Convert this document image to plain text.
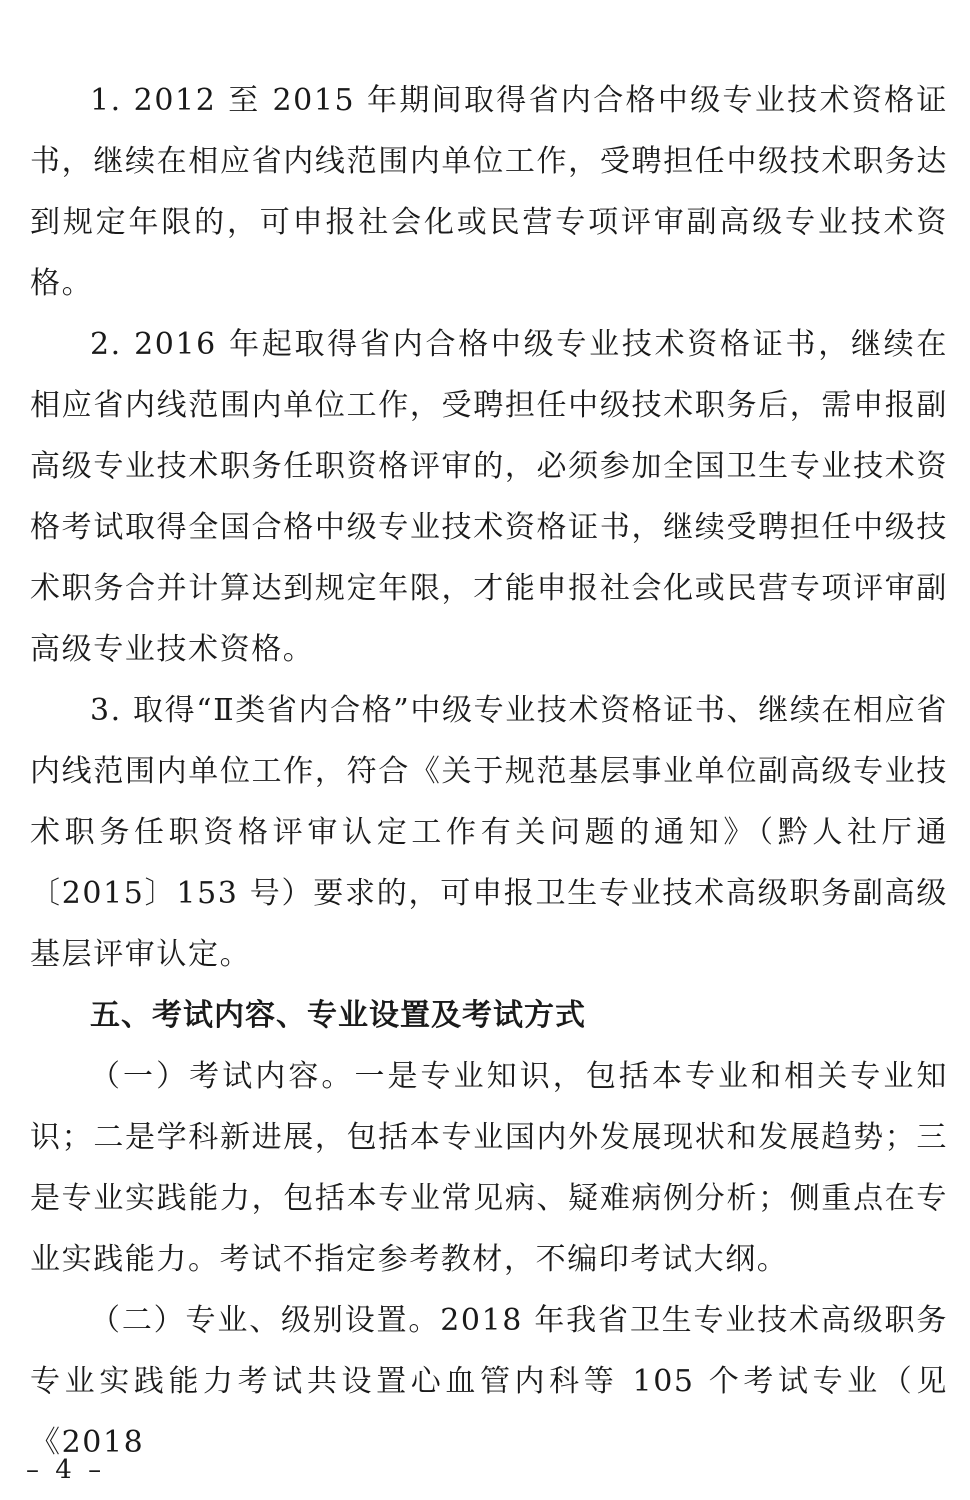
1. 2012 至 2015 年期间取得省内合格中级专业技术资格证书，继续在相应省内线范围内单位工作，受聘担任中级技术职务达到规定年限的，可申报社会化或民营专项评审副高级专业技术资格。

2. 2016 年起取得省内合格中级专业技术资格证书，继续在相应省内线范围内单位工作，受聘担任中级技术职务后，需申报副高级专业技术职务任职资格评审的，必须参加全国卫生专业技术资格考试取得全国合格中级专业技术资格证书，继续受聘担任中级技术职务合并计算达到规定年限，才能申报社会化或民营专项评审副高级专业技术资格。

3. 取得“Ⅱ类省内合格”中级专业技术资格证书、继续在相应省内线范围内单位工作，符合《关于规范基层事业单位副高级专业技术职务任职资格评审认定工作有关问题的通知》（黔人社厅通〔2015〕153 号）要求的，可申报卫生专业技术高级职务副高级基层评审认定。

五、考试内容、专业设置及考试方式

（一）考试内容。一是专业知识，包括本专业和相关专业知识；二是学科新进展，包括本专业国内外发展现状和发展趋势；三是专业实践能力，包括本专业常见病、疑难病例分析；侧重点在专业实践能力。考试不指定参考教材，不编印考试大纲。

（二）专业、级别设置。2018 年我省卫生专业技术高级职务专业实践能力考试共设置心血管内科等 105 个考试专业（见《2018

– 4 –
